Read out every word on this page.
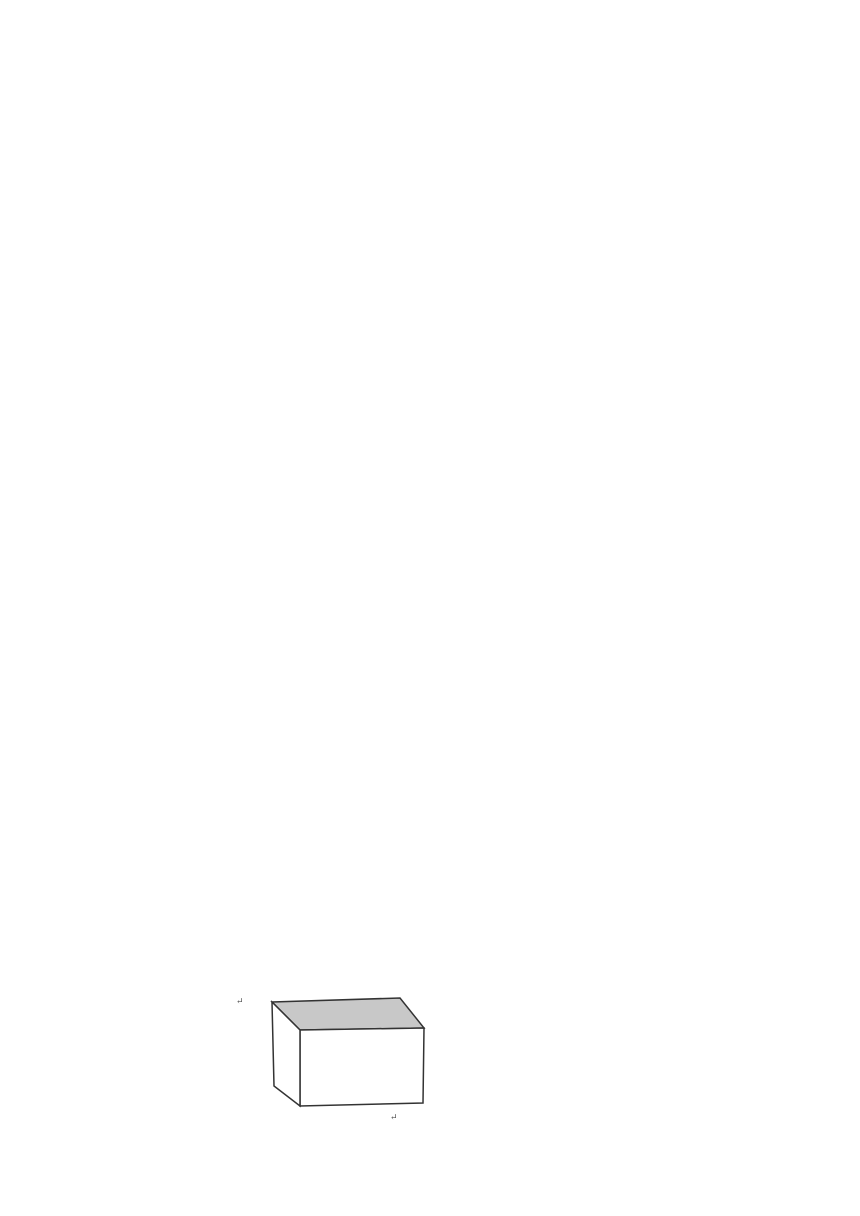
↵
↵
